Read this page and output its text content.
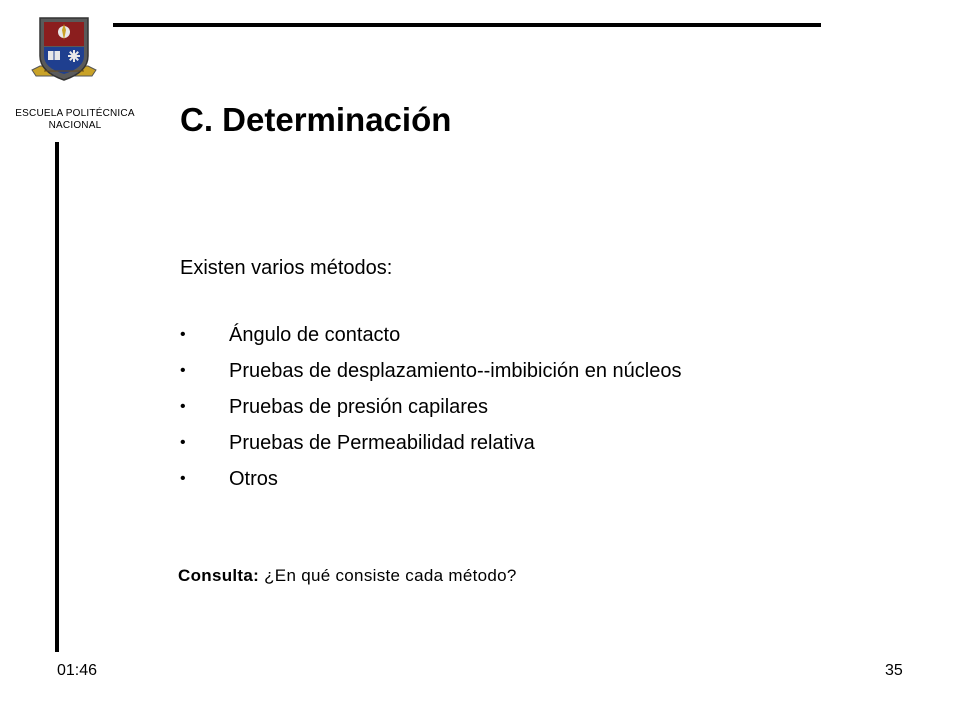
ESCUELA POLITÉCNICA NACIONAL	C. Determinación
Existen varios métodos:
• Ángulo de contacto
• Pruebas de desplazamiento--imbibición en núcleos
• Pruebas de presión capilares
• Pruebas de Permeabilidad relativa
• Otros
Consulta: ¿En qué consiste cada método?
01:46	35
